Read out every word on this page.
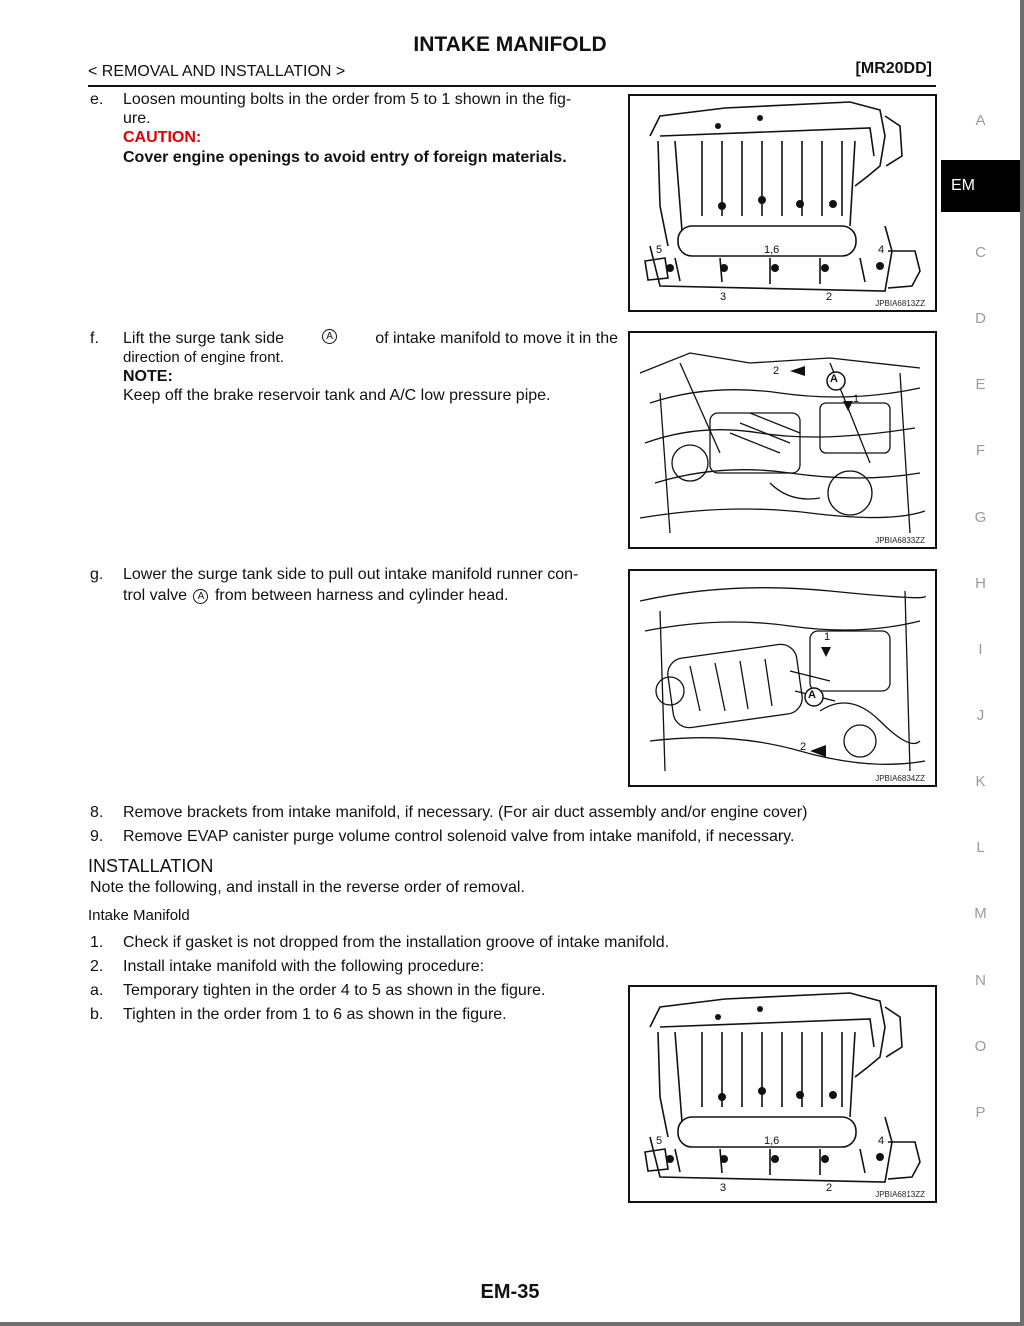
INTAKE MANIFOLD
< REMOVAL AND INSTALLATION >	[MR20DD]
e. Loosen mounting bolts in the order from 5 to 1 shown in the fig-
ure.
CAUTION:
Cover engine openings to avoid entry of foreign materials.
5	1,6	4
3	2
JPBIA6813ZZ
f. Lift the surge tank side	A	of intake manifold to move it in the
direction of engine front.
NOTE:
Keep off the brake reservoir tank and A/C low pressure pipe.
A
2
1
JPBIA6833ZZ
g. Lower the surge tank side to pull out intake manifold runner con-
trol valve A from between harness and cylinder head.
A
1
2
JPBIA6834ZZ
8. Remove brackets from intake manifold, if necessary. (For air duct assembly and/or engine cover)
9. Remove EVAP canister purge volume control solenoid valve from intake manifold, if necessary.
INSTALLATION
Note the following, and install in the reverse order of removal.
Intake Manifold
1. Check if gasket is not dropped from the installation groove of intake manifold.
2. Install intake manifold with the following procedure:
a. Temporary tighten in the order 4 to 5 as shown in the figure.
b. Tighten in the order from 1 to 6 as shown in the figure.
5	1,6	4
3	2
JPBIA6813ZZ
A
EM
C
D
E
F
G
H
I
J
K
L
M
N
O
P
EM-35
